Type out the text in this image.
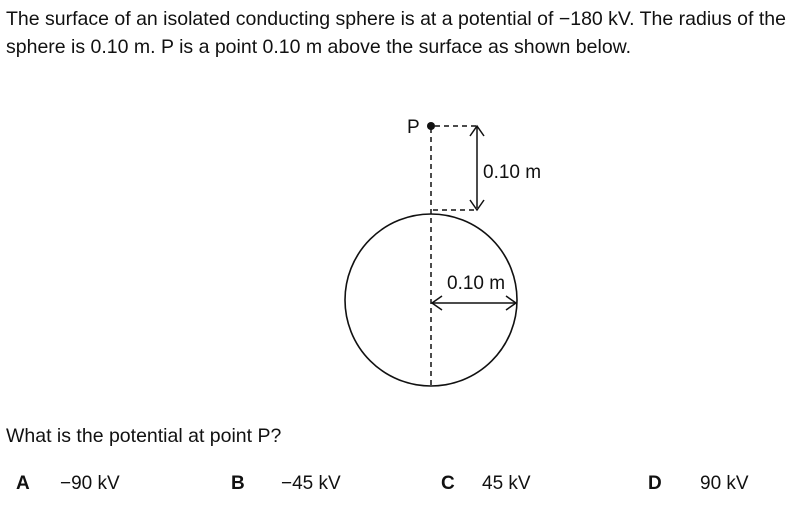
The surface of an isolated conducting sphere is at a potential of −180 kV. The radius of the sphere is 0.10 m. P is a point 0.10 m above the surface as shown below.

P
0.10 m
0.10 m

What is the potential at point P?

A −90 kV	B −45 kV	C 45 kV	D 90 kV
